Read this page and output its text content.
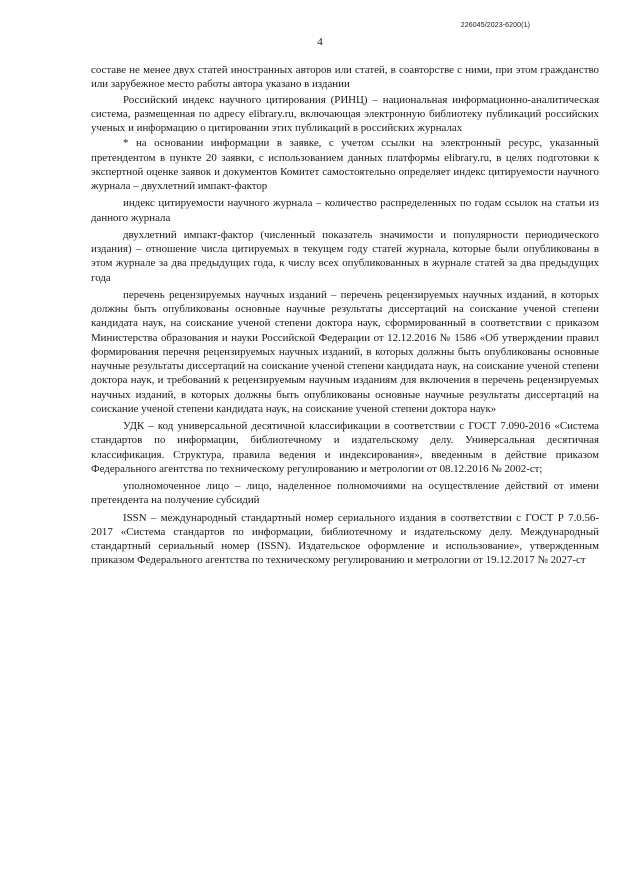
226045/2023-6200(1)
4

составе не менее двух статей иностранных авторов или статей, в соавторстве с ними, при этом гражданство или зарубежное место работы автора указано в издании

Российский индекс научного цитирования (РИНЦ) – национальная информационно-аналитическая система, размещенная по адресу elibrary.ru, включающая электронную библиотеку публикаций российских ученых и информацию о цитировании этих публикаций в российских журналах

* на основании информации в заявке, с учетом ссылки на электронный ресурс, указанный претендентом в пункте 20 заявки, с использованием данных платформы elibrary.ru, в целях подготовки к экспертной оценке заявок и документов Комитет самостоятельно определяет индекс цитируемости научного журнала – двухлетний импакт-фактор

индекс цитируемости научного журнала – количество распределенных по годам ссылок на статьи из данного журнала

двухлетний импакт-фактор (численный показатель значимости и популярности периодического издания) – отношение числа цитируемых в текущем году статей журнала, которые были опубликованы в этом журнале за два предыдущих года, к числу всех опубликованных в журнале статей за два предыдущих года

перечень рецензируемых научных изданий – перечень рецензируемых научных изданий, в которых должны быть опубликованы основные научные результаты диссертаций на соискание ученой степени кандидата наук, на соискание ученой степени доктора наук, сформированный в соответствии с приказом Министерства образования и науки Российской Федерации от 12.12.2016 № 1586 «Об утверждении правил формирования перечня рецензируемых научных изданий, в которых должны быть опубликованы основные научные результаты диссертаций на соискание ученой степени кандидата наук, на соискание ученой степени доктора наук, и требований к рецензируемым научным изданиям для включения в перечень рецензируемых научных изданий, в которых должны быть опубликованы основные научные результаты диссертаций на соискание ученой степени кандидата наук, на соискание ученой степени доктора наук»

УДК – код универсальной десятичной классификации в соответствии с ГОСТ 7.090-2016 «Система стандартов по информации, библиотечному и издательскому делу. Универсальная десятичная классификация. Структура, правила ведения и индексирования», введенным в действие приказом Федерального агентства по техническому регулированию и метрологии от 08.12.2016 № 2002-ст;

уполномоченное лицо – лицо, наделенное полномочиями на осуществление действий от имени претендента на получение субсидий

ISSN – международный стандартный номер сериального издания в соответствии с ГОСТ Р 7.0.56-2017 «Система стандартов по информации, библиотечному и издательскому делу. Международный стандартный сериальный номер (ISSN). Издательское оформление и использование», утвержденным приказом Федерального агентства по техническому регулированию и метрологии от 19.12.2017 № 2027-ст
